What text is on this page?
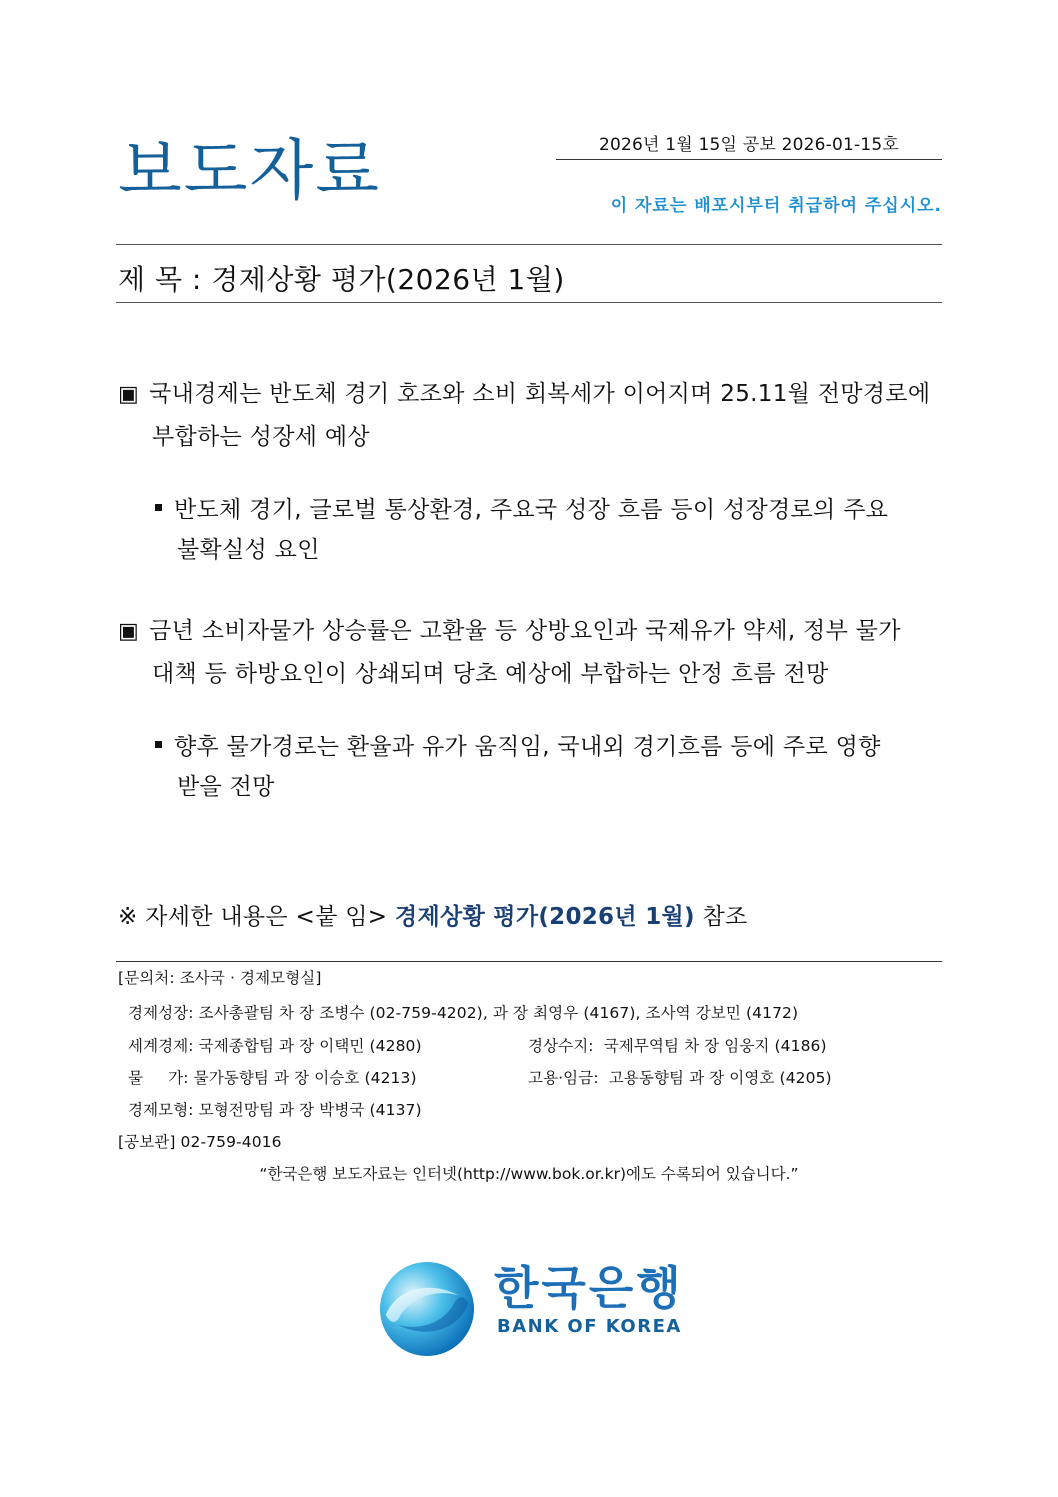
2026년 1월 15일 공보 2026-01-15호
보도자료	이 자료는 배포시부터 취급하여 주십시오.
제 목 : 경제상황 평가(2026년 1월)
▣ 국내경제는 반도체 경기 호조와 소비 회복세가 이어지며 25.11월 전망경로에
부합하는 성장세 예상
반도체 경기, 글로벌 통상환경, 주요국 성장 흐름 등이 성장경로의 주요
불확실성 요인
▣ 금년 소비자물가 상승률은 고환율 등 상방요인과 국제유가 약세, 정부 물가
대책 등 하방요인이 상쇄되며 당초 예상에 부합하는 안정 흐름 전망
향후 물가경로는 환율과 유가 움직임, 국내외 경기흐름 등에 주로 영향
받을 전망
※ 자세한 내용은 <붙 임> 경제상황 평가(2026년 1월) 참조
[문의처: 조사국 · 경제모형실]
경제성장: 조사총괄팀 차 장 조병수 (02-759-4202), 과 장 최영우 (4167), 조사역 강보민 (4172)
세계경제: 국제종합팀 과 장 이택민 (4280)	경상수지: 국제무역팀 차 장 임웅지 (4186)
물     가: 물가동향팀 과 장 이승호 (4213)	고용·임금: 고용동향팀 과 장 이영호 (4205)
경제모형: 모형전망팀 과 장 박병국 (4137)
[공보관] 02-759-4016
“한국은행 보도자료는 인터넷(http://www.bok.or.kr)에도 수록되어 있습니다.”
한국은행
BANK OF KOREA
